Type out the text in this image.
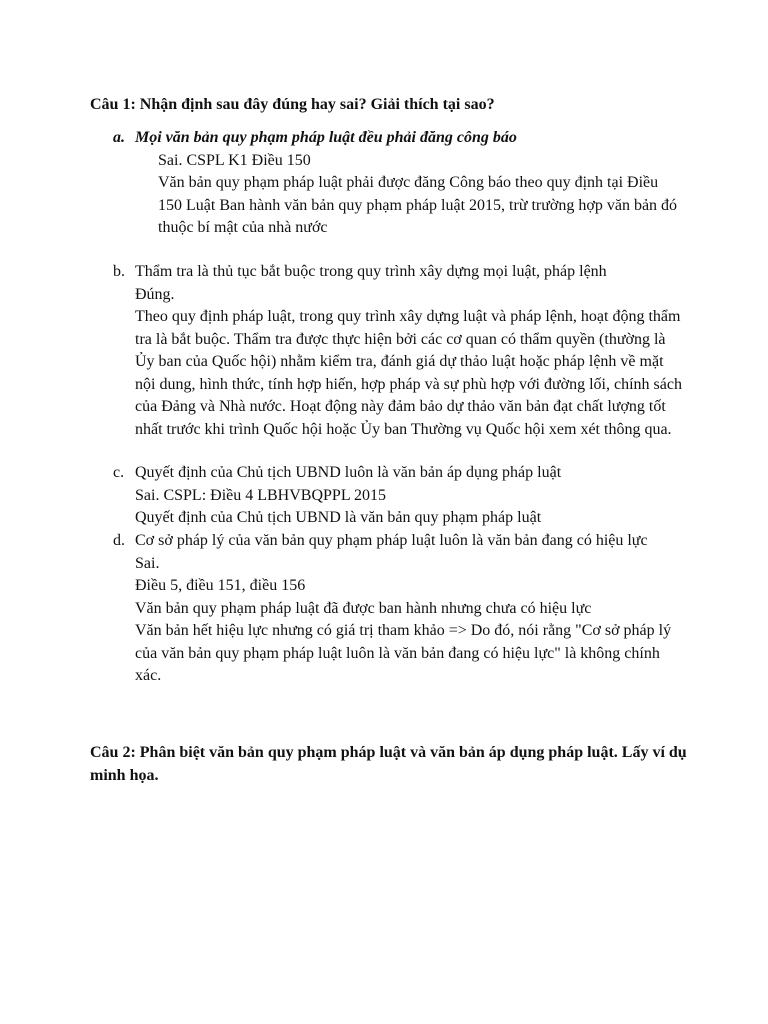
Câu 1: Nhận định sau đây đúng hay sai? Giải thích tại sao?
a. Mọi văn bản quy phạm pháp luật đều phải đăng công báo
Sai. CSPL K1 Điều 150
Văn bản quy phạm pháp luật phải được đăng Công báo theo quy định tại Điều 150 Luật Ban hành văn bản quy phạm pháp luật 2015, trừ trường hợp văn bản đó thuộc bí mật của nhà nước
b. Thẩm tra là thủ tục bắt buộc trong quy trình xây dựng mọi luật, pháp lệnh
Đúng.
Theo quy định pháp luật, trong quy trình xây dựng luật và pháp lệnh, hoạt động thẩm tra là bắt buộc. Thẩm tra được thực hiện bởi các cơ quan có thẩm quyền (thường là Ủy ban của Quốc hội) nhằm kiểm tra, đánh giá dự thảo luật hoặc pháp lệnh về mặt nội dung, hình thức, tính hợp hiến, hợp pháp và sự phù hợp với đường lối, chính sách của Đảng và Nhà nước. Hoạt động này đảm bảo dự thảo văn bản đạt chất lượng tốt nhất trước khi trình Quốc hội hoặc Ủy ban Thường vụ Quốc hội xem xét thông qua.
c. Quyết định của Chủ tịch UBND luôn là văn bản áp dụng pháp luật
Sai. CSPL: Điều 4 LBHVBQPPL 2015
Quyết định của Chủ tịch UBND là văn bản quy phạm pháp luật
d. Cơ sở pháp lý của văn bản quy phạm pháp luật luôn là văn bản đang có hiệu lực
Sai.
Điều 5, điều 151, điều 156
Văn bản quy phạm pháp luật đã được ban hành nhưng chưa có hiệu lực
Văn bản hết hiệu lực nhưng có giá trị tham khảo => Do đó, nói rằng "Cơ sở pháp lý của văn bản quy phạm pháp luật luôn là văn bản đang có hiệu lực" là không chính xác.
Câu 2: Phân biệt văn bản quy phạm pháp luật và văn bản áp dụng pháp luật. Lấy ví dụ minh họa.
